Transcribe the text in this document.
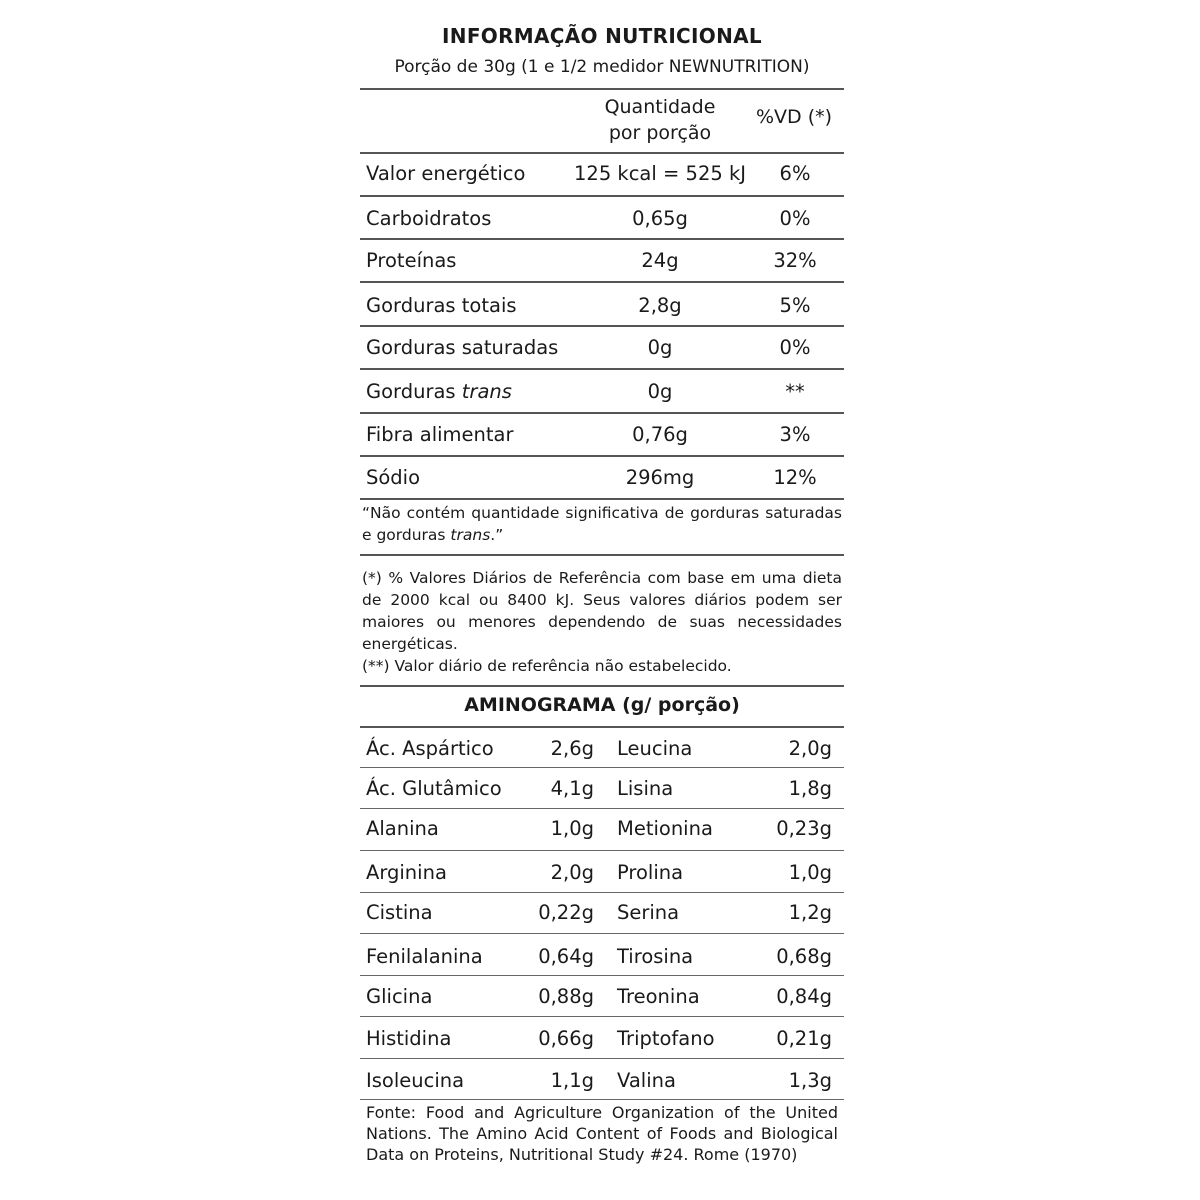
INFORMAÇÃO NUTRICIONAL
Porção de 30g (1 e 1/2 medidor NEWNUTRITION)
Quantidade
por porção
%VD (*)
Valor energético	125 kcal = 525 kJ	6%
Carboidratos	0,65g	0%
Proteínas	24g	32%
Gorduras totais	2,8g	5%
Gorduras saturadas	0g	0%
Gorduras trans	0g	**
Fibra alimentar	0,76g	3%
Sódio	296mg	12%
“Não contém quantidade significativa de gorduras saturadas e gorduras trans.”

(*) % Valores Diários de Referência com base em uma dieta de 2000 kcal ou 8400 kJ. Seus valores diários podem ser maiores ou menores dependendo de suas necessidades energéticas.

(**) Valor diário de referência não estabelecido.

AMINOGRAMA (g/ porção)
Ác. Aspártico	2,6g Leucina	2,0g
Ác. Glutâmico	4,1g Lisina	1,8g
Alanina	1,0g Metionina	0,23g
Arginina	2,0g Prolina	1,0g
Cistina	0,22g Serina	1,2g
Fenilalanina	0,64g Tirosina	0,68g
Glicina	0,88g Treonina	0,84g
Histidina	0,66g Triptofano	0,21g
Isoleucina	1,1g Valina	1,3g
Fonte: Food and Agriculture Organization of the United Nations. The Amino Acid Content of Foods and Biological Data on Proteins, Nutritional Study #24. Rome (1970)
